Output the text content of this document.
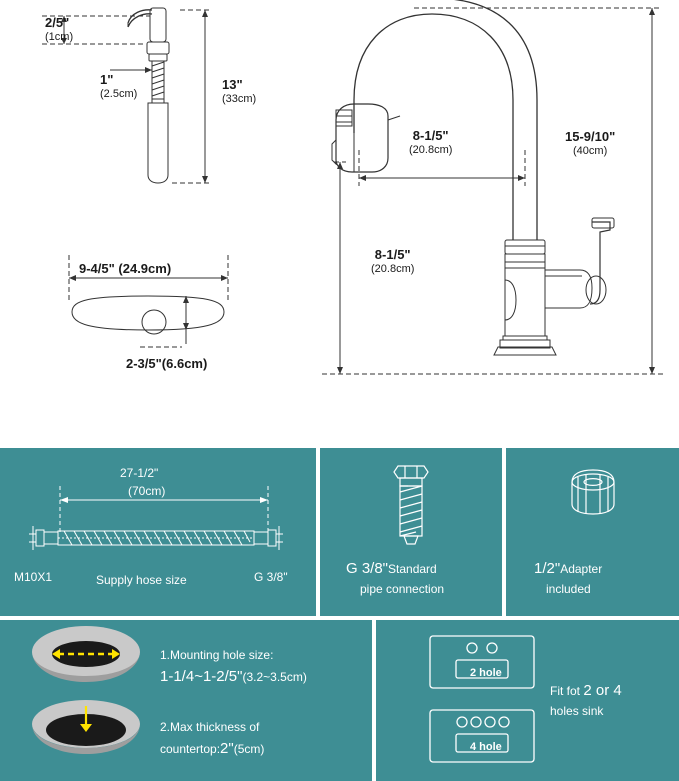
2/5"
(1cm)
1"
(2.5cm)
13"
(33cm)
9-4/5" (24.9cm)
2-3/5"(6.6cm)
8-1/5"
(20.8cm)
8-1/5"
(20.8cm)
15-9/10"
(40cm)
27-1/2"
(70cm)
M10X1	G 3/8"
Supply hose size
G 3/8"Standard
pipe connection
1/2"Adapter
included
1.Mounting hole size:
1-1/4~1-2/5"(3.2~3.5cm)
2.Max thickness of
countertop:2"(5cm)
2 hole
4 hole
Fit fot 2 or 4
holes sink
